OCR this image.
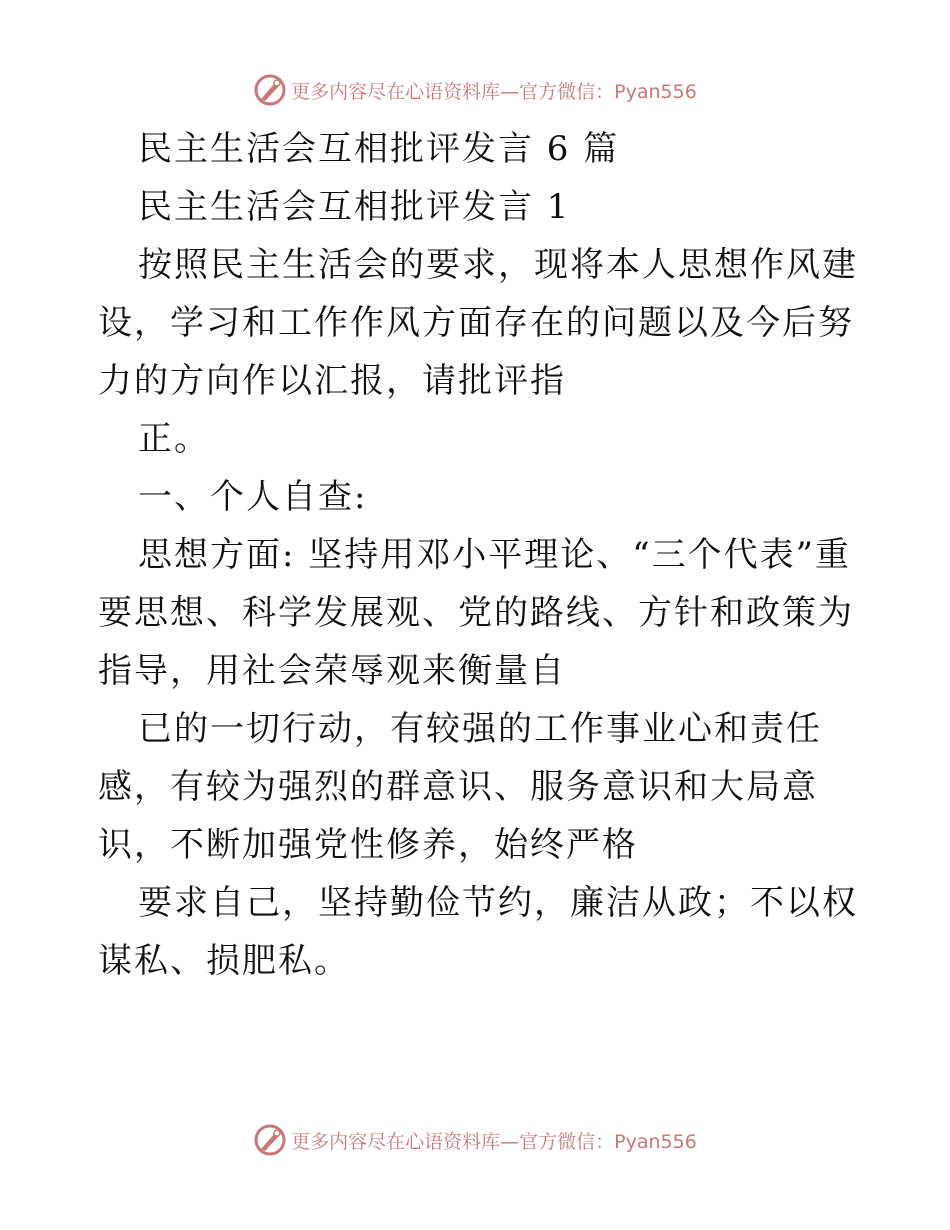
更多内容尽在心语资料库—官方微信：Pyan556

民主生活会互相批评发言 6 篇

民主生活会互相批评发言 1

按照民主生活会的要求，现将本人思想作风建设，学习和工作作风方面存在的问题以及今后努力的方向作以汇报，请批评指

正。

一、个人自查:

思想方面: 坚持用邓小平理论、“三个代表”重要思想、科学发展观、党的路线、方针和政策为指导，用社会荣辱观来衡量自

已的一切行动，有较强的工作事业心和责任感，有较为强烈的群意识、服务意识和大局意识，不断加强党性修养，始终严格

要求自己，坚持勤俭节约，廉洁从政；不以权谋私、损肥私。

更多内容尽在心语资料库—官方微信：Pyan556
